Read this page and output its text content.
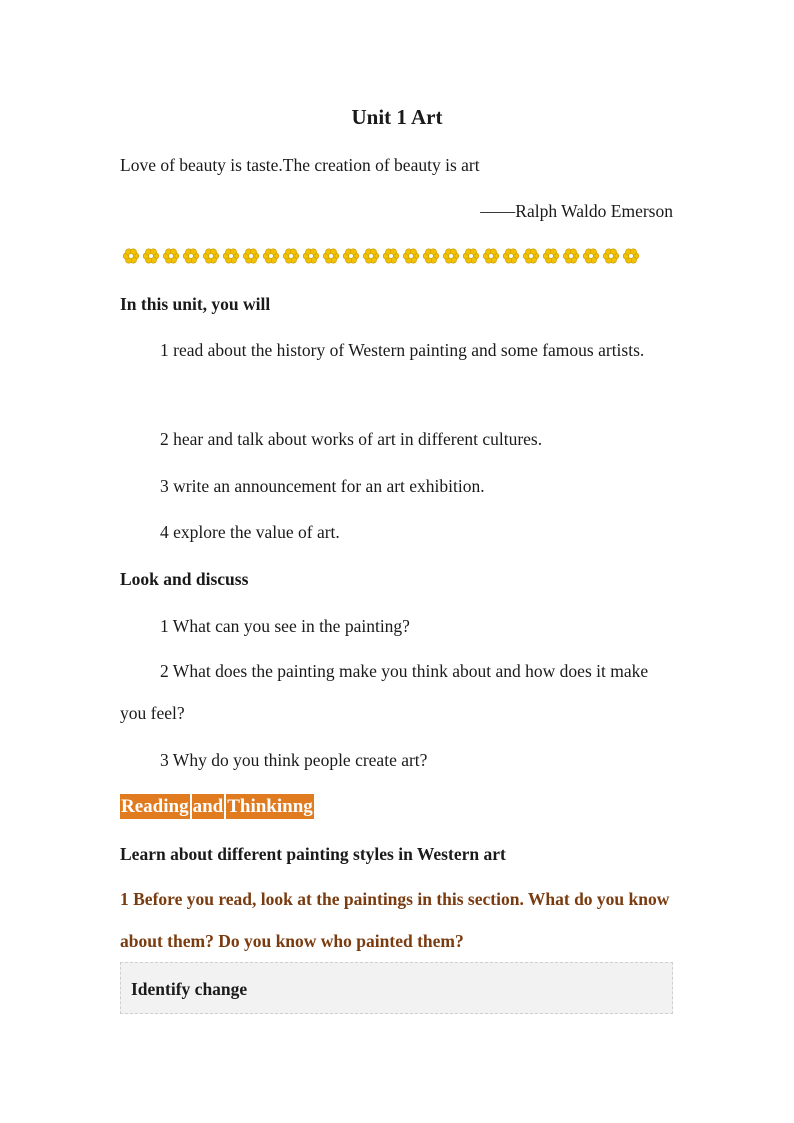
Unit 1 Art
Love of beauty is taste.The creation of beauty is art
——Ralph Waldo Emerson
In this unit, you will
1 read about the history of Western painting and some famous artists.
2 hear and talk about works of art in different cultures.
3 write an announcement for an art exhibition.
4 explore the value of art.
Look and discuss
1 What can you see in the painting?
2 What does the painting make you think about and how does it make you feel?
3 Why do you think people create art?
Reading and Thinkinng
Learn about different painting styles in Western art
1 Before you read, look at the paintings in this section. What do you know about them? Do you know who painted them?
Identify change
